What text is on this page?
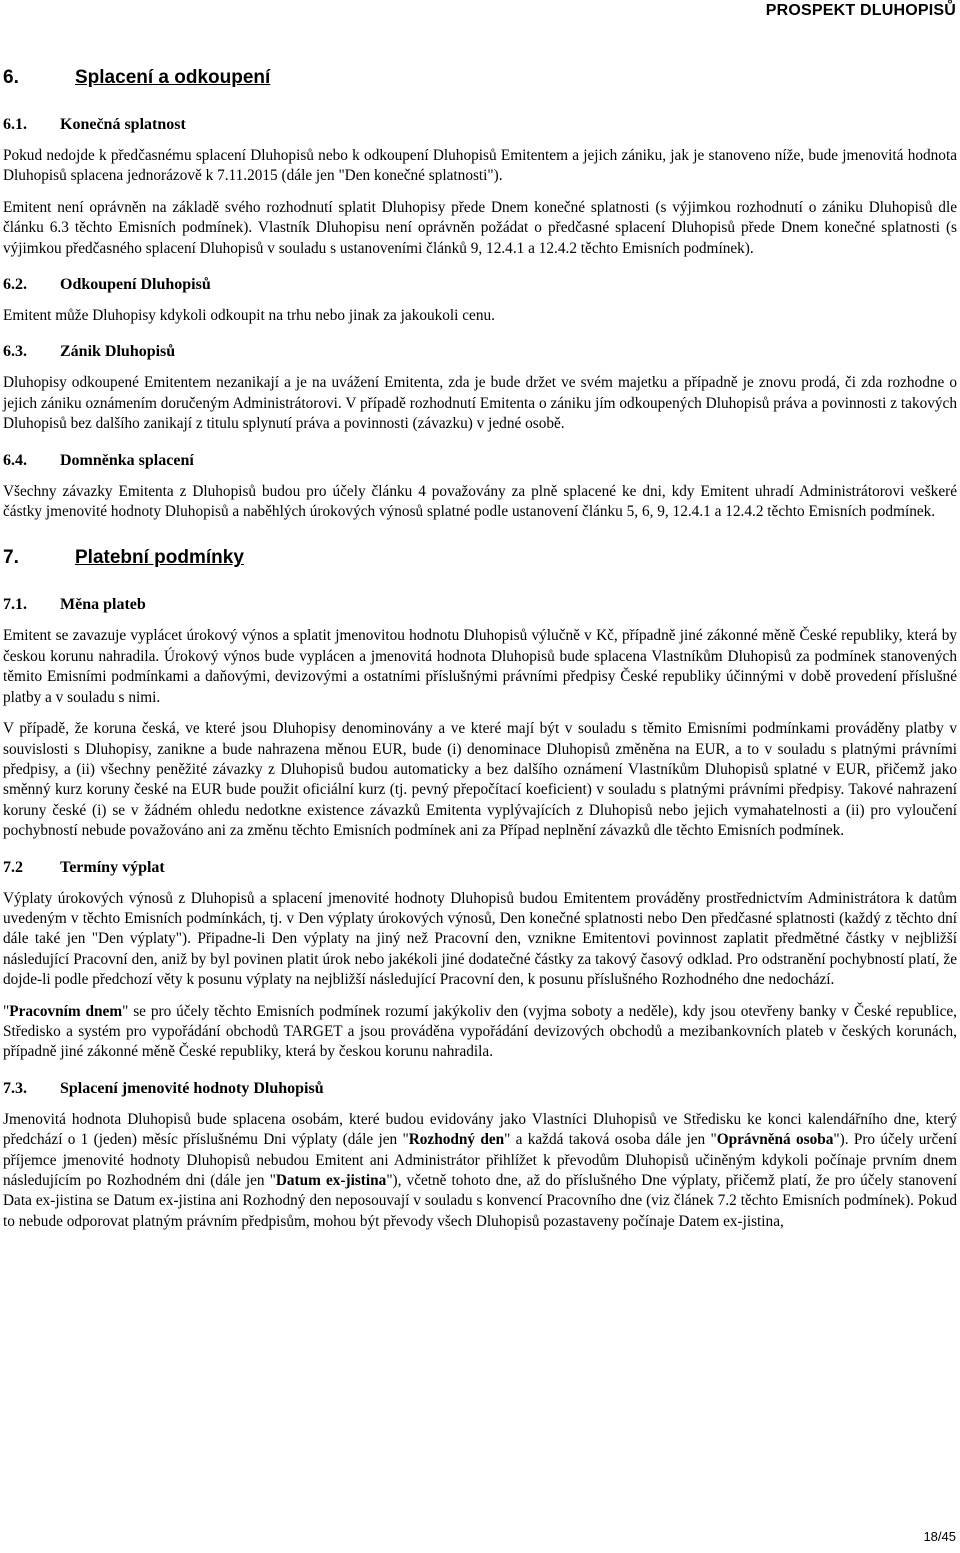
PROSPEKT DLUHOPISŮ
6.	Splacení a odkoupení
6.1. Konečná splatnost

Pokud nedojde k předčasnému splacení Dluhopisů nebo k odkoupení Dluhopisů Emitentem a jejich zániku, jak je stanoveno níže, bude jmenovitá hodnota Dluhopisů splacena jednorázově k 7.11.2015 (dále jen "Den konečné splatnosti").

Emitent není oprávněn na základě svého rozhodnutí splatit Dluhopisy přede Dnem konečné splatnosti (s výjimkou rozhodnutí o zániku Dluhopisů dle článku 6.3 těchto Emisních podmínek). Vlastník Dluhopisu není oprávněn požádat o předčasné splacení Dluhopisů přede Dnem konečné splatnosti (s výjimkou předčasného splacení Dluhopisů v souladu s ustanoveními článků 9, 12.4.1 a 12.4.2 těchto Emisních podmínek).

6.2. Odkoupení Dluhopisů

Emitent může Dluhopisy kdykoli odkoupit na trhu nebo jinak za jakoukoli cenu.

6.3. Zánik Dluhopisů

Dluhopisy odkoupené Emitentem nezanikají a je na uvážení Emitenta, zda je bude držet ve svém majetku a případně je znovu prodá, či zda rozhodne o jejich zániku oznámením doručeným Administrátorovi. V případě rozhodnutí Emitenta o zániku jím odkoupených Dluhopisů práva a povinnosti z takových Dluhopisů bez dalšího zanikají z titulu splynutí práva a povinnosti (závazku) v jedné osobě.

6.4. Domněnka splacení

Všechny závazky Emitenta z Dluhopisů budou pro účely článku 4 považovány za plně splacené ke dni, kdy Emitent uhradí Administrátorovi veškeré částky jmenovité hodnoty Dluhopisů a naběhlých úrokových výnosů splatné podle ustanovení článku 5, 6, 9, 12.4.1 a 12.4.2 těchto Emisních podmínek.

7.	Platební podmínky
7.1. Měna plateb

Emitent se zavazuje vyplácet úrokový výnos a splatit jmenovitou hodnotu Dluhopisů výlučně v Kč, případně jiné zákonné měně České republiky, která by českou korunu nahradila. Úrokový výnos bude vyplácen a jmenovitá hodnota Dluhopisů bude splacena Vlastníkům Dluhopisů za podmínek stanovených těmito Emisními podmínkami a daňovými, devizovými a ostatními příslušnými právními předpisy České republiky účinnými v době provedení příslušné platby a v souladu s nimi.

V případě, že koruna česká, ve které jsou Dluhopisy denominovány a ve které mají být v souladu s těmito Emisními podmínkami prováděny platby v souvislosti s Dluhopisy, zanikne a bude nahrazena měnou EUR, bude (i) denominace Dluhopisů změněna na EUR, a to v souladu s platnými právními předpisy, a (ii) všechny peněžité závazky z Dluhopisů budou automaticky a bez dalšího oznámení Vlastníkům Dluhopisů splatné v EUR, přičemž jako směnný kurz koruny české na EUR bude použit oficiální kurz (tj. pevný přepočítací koeficient) v souladu s platnými právními předpisy. Takové nahrazení koruny české (i) se v žádném ohledu nedotkne existence závazků Emitenta vyplývajících z Dluhopisů nebo jejich vymahatelnosti a (ii) pro vyloučení pochybností nebude považováno ani za změnu těchto Emisních podmínek ani za Případ neplnění závazků dle těchto Emisních podmínek.

7.2 Termíny výplat

Výplaty úrokových výnosů z Dluhopisů a splacení jmenovité hodnoty Dluhopisů budou Emitentem prováděny prostřednictvím Administrátora k datům uvedeným v těchto Emisních podmínkách, tj. v Den výplaty úrokových výnosů, Den konečné splatnosti nebo Den předčasné splatnosti (každý z těchto dní dále také jen "Den výplaty"). Připadne-li Den výplaty na jiný než Pracovní den, vznikne Emitentovi povinnost zaplatit předmětné částky v nejbližší následující Pracovní den, aniž by byl povinen platit úrok nebo jakékoli jiné dodatečné částky za takový časový odklad. Pro odstranění pochybností platí, že dojde-li podle předchozí věty k posunu výplaty na nejbližší následující Pracovní den, k posunu příslušného Rozhodného dne nedochází.

"Pracovním dnem" se pro účely těchto Emisních podmínek rozumí jakýkoliv den (vyjma soboty a neděle), kdy jsou otevřeny banky v České republice, Středisko a systém pro vypořádání obchodů TARGET a jsou prováděna vypořádání devizových obchodů a mezibankovních plateb v českých korunách, případně jiné zákonné měně České republiky, která by českou korunu nahradila.

7.3. Splacení jmenovité hodnoty Dluhopisů

Jmenovitá hodnota Dluhopisů bude splacena osobám, které budou evidovány jako Vlastníci Dluhopisů ve Středisku ke konci kalendářního dne, který předchází o 1 (jeden) měsíc příslušnému Dni výplaty (dále jen "Rozhodný den" a každá taková osoba dále jen "Oprávněná osoba"). Pro účely určení příjemce jmenovité hodnoty Dluhopisů nebudou Emitent ani Administrátor přihlížet k převodům Dluhopisů učiněným kdykoli počínaje prvním dnem následujícím po Rozhodném dni (dále jen "Datum ex-jistina"), včetně tohoto dne, až do příslušného Dne výplaty, přičemž platí, že pro účely stanovení Data ex-jistina se Datum ex-jistina ani Rozhodný den neposouvají v souladu s konvencí Pracovního dne (viz článek 7.2 těchto Emisních podmínek). Pokud to nebude odporovat platným právním předpisům, mohou být převody všech Dluhopisů pozastaveny počínaje Datem ex-jistina,

18/45
